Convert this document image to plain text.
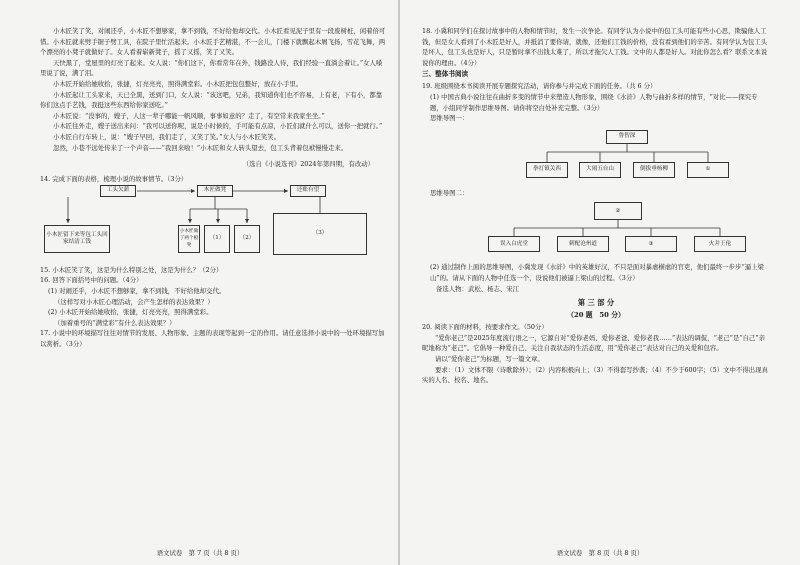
小木匠笑了笑，对闹还乎，小木匠不想够家，拿不到钱，不好给他却交代。小木匠看见泥子里有一段废树桩，闲着倍可惜。小木匠就来劈手锯子劈工具，在院子里忙活起来。小木匠手艺精湛，不一会儿，门楼下就飘起木屑飞扬，雪花飞舞，两个漂亮的小凳子就做好了。女人看着崭新凳子，摇了又摇，笑了又笑。

天快黑了，堂屋里的灯亮了起来。女人说：“你们这下，你看常年在外，钱路没人待，我们经验一直淌会着让。”女人嗓里说了说，满了泪。

小木匠开始给她收拾，张捷，灯亮亮亮，照得满堂彩。小木匠把包包整好，放在小手里。

小木匠起让工头家来，天已全黑，送到门口，女人说：“该这吧，兄弟，我知道你们也不容易，上有老，下有小，都靠你们这点手艺钱，我挺这些东西给你家送吃。”

小木匠说：“没事的，嫂子，人这一辈子哪能一帆风顺，事事如意的？走了，有空常来我家坐坐。”

小木匠往外走，嫂子送出来问：“我可以送你呢，说是小时候的，手可能有点凉，小匠们就什么可以，送你一把就行。”

小木匠自行车转上，说：“嫂子早回，我们走了，又笑了笑。”女人与小木匠笑笑。

忽然，小巷不远处传来了一个声音——“我回来啦！”小木匠和女人转头望去，包工头背着包袱慢慢走来。

（选自《小说选刊》2024年第四期，有改动）

14. 完成下面的表格，梳理小说的故事情节。（3分）

工头欠薪	木匠做凳	还账有望
小木匠留下来等包工头回家结清工钱
小木匠做了两个板凳
（1）	（2）
（3）

15. 小木匠笑了笑，这是为什么特别之处，这是为什么？（2分）

16. 回答下面括号中的问题。（4分）

(1) 对闹还乎，小木匠不想够家，拿不到钱，不好给他却交代。

（这样写对小木匠心理活动，会产生怎样的表达效果？）

(2) 小木匠开始给她收拾，张捷，灯亮亮亮，照得满堂彩。

（加着重号的“满堂彩”有什么表达效果？）

17. 小说中的环境描写往往对情节的发展、人物形象、主题的表现等起到一定的作用。请任意选择小说中的一处环境描写加以赏析。（3分）

语文试卷　第 7 页（共 8 页）

18. 小冀和同学们在探讨故事中的人物和情节时，发生一次争论。有同学认为小说中的包工头可能有些小心思，欺骗他人工钱，但是女人看到了小木匠是好人，并抵消了要你请，就像，还他们工钱的价格，没有看到他们的辛苦。有同学认为包工头是坏人，包工头也是好人，只是暂时拿不出钱太难了，所以才拖欠人工钱。文中的人都是好人。对此你怎么看？联系文本说说你的理由。（4分）

三、整体书阅读

19. 班级围绕本书阅读开展专题探究活动，请你参与并完成下面的任务。（共 6 分）

(1) 中国古典小说往往在曲折多变的情节中来塑造人物形象，围绕《水浒》人物与曲折多样的情节，“对比——探究专题，小组同学制作思维导图。请你将空白处补充完整。（3分）

思维导图一：

鲁智深
拳打镇关西	大闹五台山	倒拔垂杨柳	①

思维导图二：

②
误入白虎堂	刺配沧州道	③	火并王伦

(2) 通过制作上面的思维导图，小冀发现《水浒》中的英雄好汉，不只是面对暴虐横虐的官吏，他们最终一步步“逼上梁山”的。请从下面的人物中任选一个，设说他们被逼上梁山的过程。（3分）

备选人物：武松、杨志、宋江

第 三 部 分

（20 题　50 分）

20. 阅读下面的材料，按要求作文。（50分）

“爱你老己”是2025年度流行语之一，它源自对“爱你老妈、爱你老爸、爱你老我……”表达的调侃，“老己”是“自己”亲昵地称为“老己”。它倡导一种爱自己、关注自我状态的生活态度，用“爱你老己”表达对自己的关爱和包容。

请以“爱你老己”为标题，写一篇文章。

要求：（1）文体不限（诗歌除外）；（2）内容积极向上；（3）不得套写抄袭；（4）不少于600字；（5）文中不得出现真实的人名、校名、地名。

语文试卷　第 8 页（共 8 页）
